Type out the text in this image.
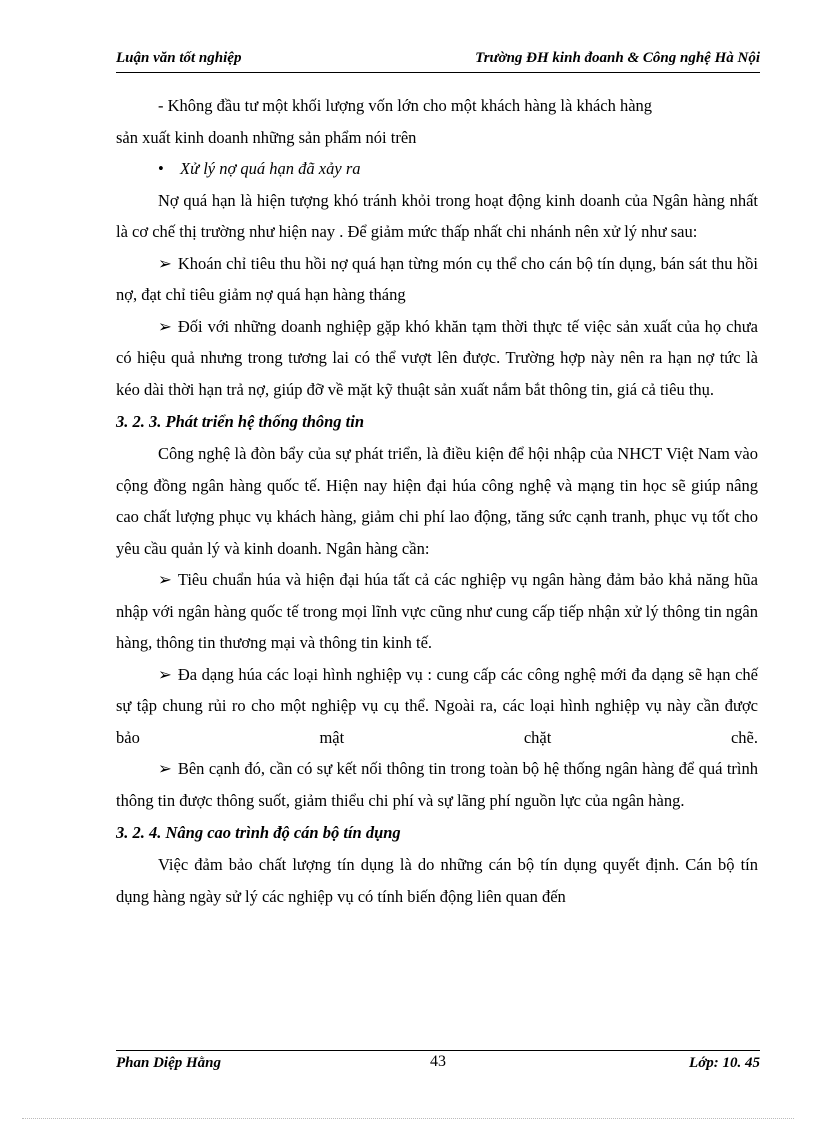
Luận văn tốt nghiệp	Trường ĐH kinh đoanh & Công nghệ Hà Nội

- Không đầu tư một khối lượng vốn lớn cho một khách hàng là khách hàng

sản xuất kinh doanh những sản phẩm nói trên

• Xử lý nợ quá hạn đã xảy ra

Nợ quá hạn là hiện tượng khó tránh khỏi trong hoạt động kinh doanh của Ngân hàng nhất là cơ chế thị trường như hiện nay . Để giảm mức thấp nhất chi nhánh nên xử lý như sau:

➢ Khoán chỉ tiêu thu hồi nợ quá hạn từng món cụ thể cho cán bộ tín dụng, bán sát thu hồi nợ, đạt chỉ tiêu giảm nợ quá hạn hàng tháng

➢ Đối với những doanh nghiệp gặp khó khăn tạm thời thực tế việc sản xuất của họ chưa có hiệu quả nhưng trong tương lai có thể vượt lên được. Trường hợp này nên ra hạn nợ tức là kéo dài thời hạn trả nợ, giúp đỡ về mặt kỹ thuật sản xuất nắm bắt thông tin, giá cả tiêu thụ.

3. 2. 3. Phát triển hệ thống thông tin

Công nghệ là đòn bẩy của sự phát triển, là điều kiện để hội nhập của NHCT Việt Nam vào cộng đồng ngân hàng quốc tế. Hiện nay hiện đại húa công nghệ và mạng tin học sẽ giúp nâng cao chất lượng phục vụ khách hàng, giảm chi phí lao động, tăng sức cạnh tranh, phục vụ tốt cho yêu cầu quản lý và kinh doanh. Ngân hàng cần:

➢ Tiêu chuẩn húa và hiện đại húa tất cả các nghiệp vụ ngân hàng đảm bảo khả năng hũa nhập với ngân hàng quốc tế trong mọi lĩnh vực cũng như cung cấp tiếp nhận xử lý thông tin ngân hàng, thông tin thương mại và thông tin kinh tế.

➢ Đa dạng húa các loại hình nghiệp vụ : cung cấp các công nghệ mới đa dạng sẽ hạn chế sự tập chung rủi ro cho một nghiệp vụ cụ thể. Ngoài ra, các loại hình nghiệp vụ này cần được bảo mật chặt chẽ.

➢ Bên cạnh đó, cần có sự kết nối thông tin trong toàn bộ hệ thống ngân hàng để quá trình thông tin được thông suốt, giảm thiểu chi phí và sự lãng phí nguồn lực của ngân hàng.

3. 2. 4. Nâng cao trình độ cán bộ tín dụng

Việc đảm bảo chất lượng tín dụng là do những cán bộ tín dụng quyết định. Cán bộ tín dụng hàng ngày sử lý các nghiệp vụ có tính biến động liên quan đến

Phan Diệp Hằng	43	Lớp: 10. 45
